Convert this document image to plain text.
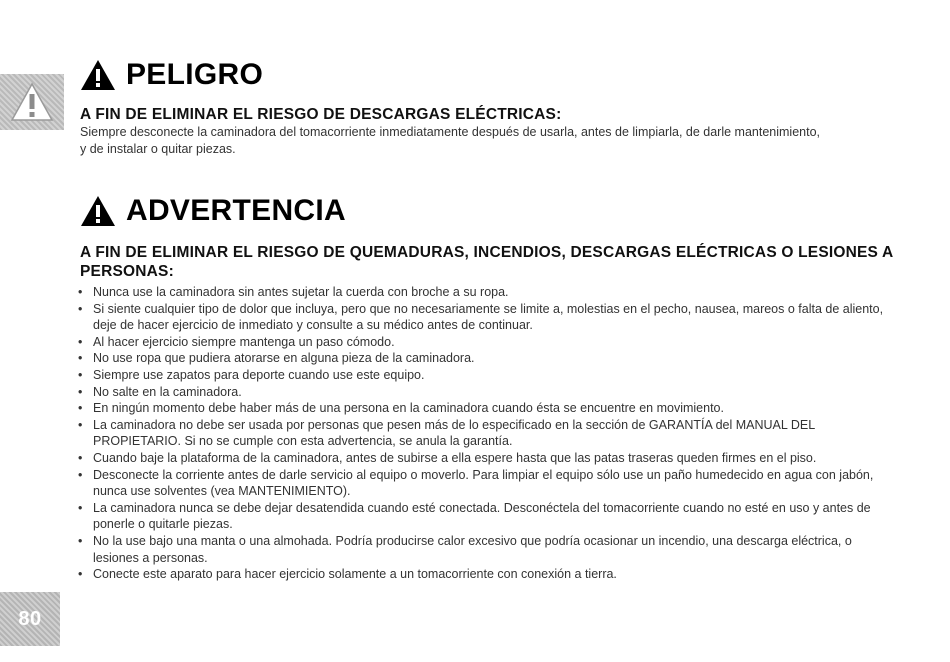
PELIGRO

A FIN DE ELIMINAR EL RIESGO DE DESCARGAS ELÉCTRICAS:

Siempre desconecte la caminadora del tomacorriente inmediatamente después de usarla, antes de limpiarla, de darle mantenimiento, y de instalar o quitar piezas.

ADVERTENCIA

A FIN DE ELIMINAR EL RIESGO DE QUEMADURAS, INCENDIOS, DESCARGAS ELÉCTRICAS O LESIONES A PERSONAS:

• Nunca use la caminadora sin antes sujetar la cuerda con broche a su ropa.
• Si siente cualquier tipo de dolor que incluya, pero que no necesariamente se limite a, molestias en el pecho, nausea, mareos o falta de aliento, deje de hacer ejercicio de inmediato y consulte a su médico antes de continuar.
• Al hacer ejercicio siempre mantenga un paso cómodo.
• No use ropa que pudiera atorarse en alguna pieza de la caminadora.
• Siempre use zapatos para deporte cuando use este equipo.
• No salte en la caminadora.
• En ningún momento debe haber más de una persona en la caminadora cuando ésta se encuentre en movimiento.
• La caminadora no debe ser usada por personas que pesen más de lo especificado en la sección de GARANTÍA del MANUAL DEL PROPIETARIO. Si no se cumple con esta advertencia, se anula la garantía.
• Cuando baje la plataforma de la caminadora, antes de subirse a ella espere hasta que las patas traseras queden firmes en el piso.
• Desconecte la corriente antes de darle servicio al equipo o moverlo. Para limpiar el equipo sólo use un paño humedecido en agua con jabón, nunca use solventes (vea MANTENIMIENTO).
• La caminadora nunca se debe dejar desatendida cuando esté conectada. Desconéctela del tomacorriente cuando no esté en uso y antes de ponerle o quitarle piezas.
• No la use bajo una manta o una almohada. Podría producirse calor excesivo que podría ocasionar un incendio, una descarga eléctrica, o lesiones a personas.
• Conecte este aparato para hacer ejercicio solamente a un tomacorriente con conexión a tierra.
80
